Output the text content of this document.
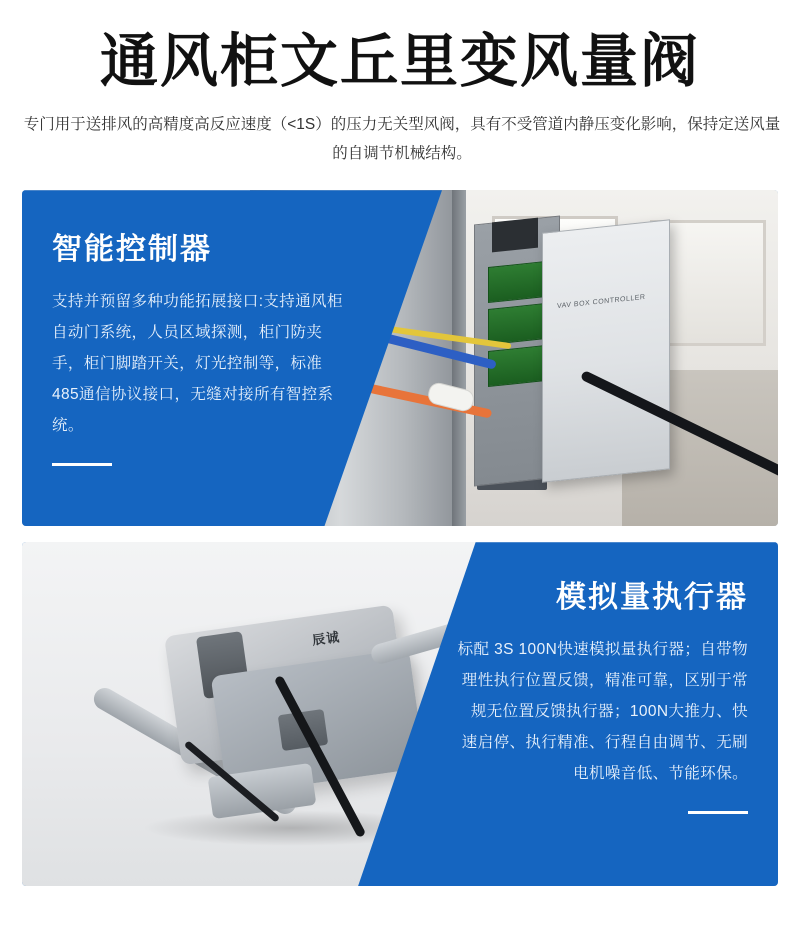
通风柜文丘里变风量阀

专门用于送排风的高精度高反应速度（<1S）的压力无关型风阀，具有不受管道内静压变化影响，保持定送风量的自调节机械结构。

VAV BOX CONTROLLER
智能控制器
支持并预留多种功能拓展接口:支持通风柜自动门系统，人员区域探测，柜门防夹手，柜门脚踏开关，灯光控制等，标准485通信协议接口，无缝对接所有智控系统。
辰诚
模拟量执行器
标配 3S 100N快速模拟量执行器；自带物理性执行位置反馈，精准可靠，区别于常规无位置反馈执行器；100N大推力、快速启停、执行精准、行程自由调节、无刷电机噪音低、节能环保。
